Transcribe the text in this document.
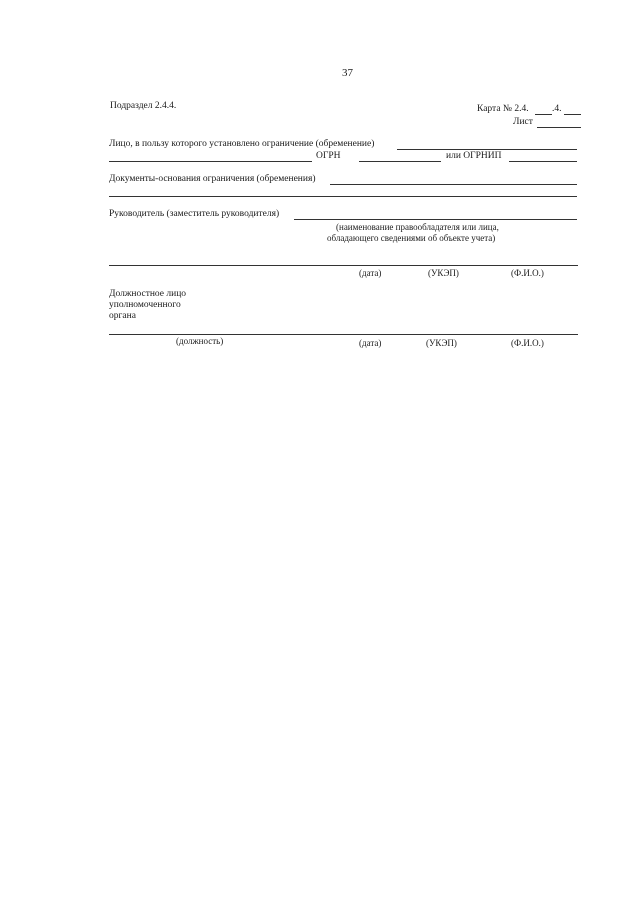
37
Подраздел 2.4.4.	Карта № 2.4. .4.
Лист
Лицо, в пользу которого установлено ограничение (обременение)
ОГРН	или ОГРНИП
Документы-основания ограничения (обременения)
Руководитель (заместитель руководителя)
(наименование правообладателя или лица,
обладающего сведениями об объекте учета)
(дата)	(УКЭП)	(Ф.И.О.)
Должностное лицо
уполномоченного
органа
(должность)	(дата)	(УКЭП)	(Ф.И.О.)
